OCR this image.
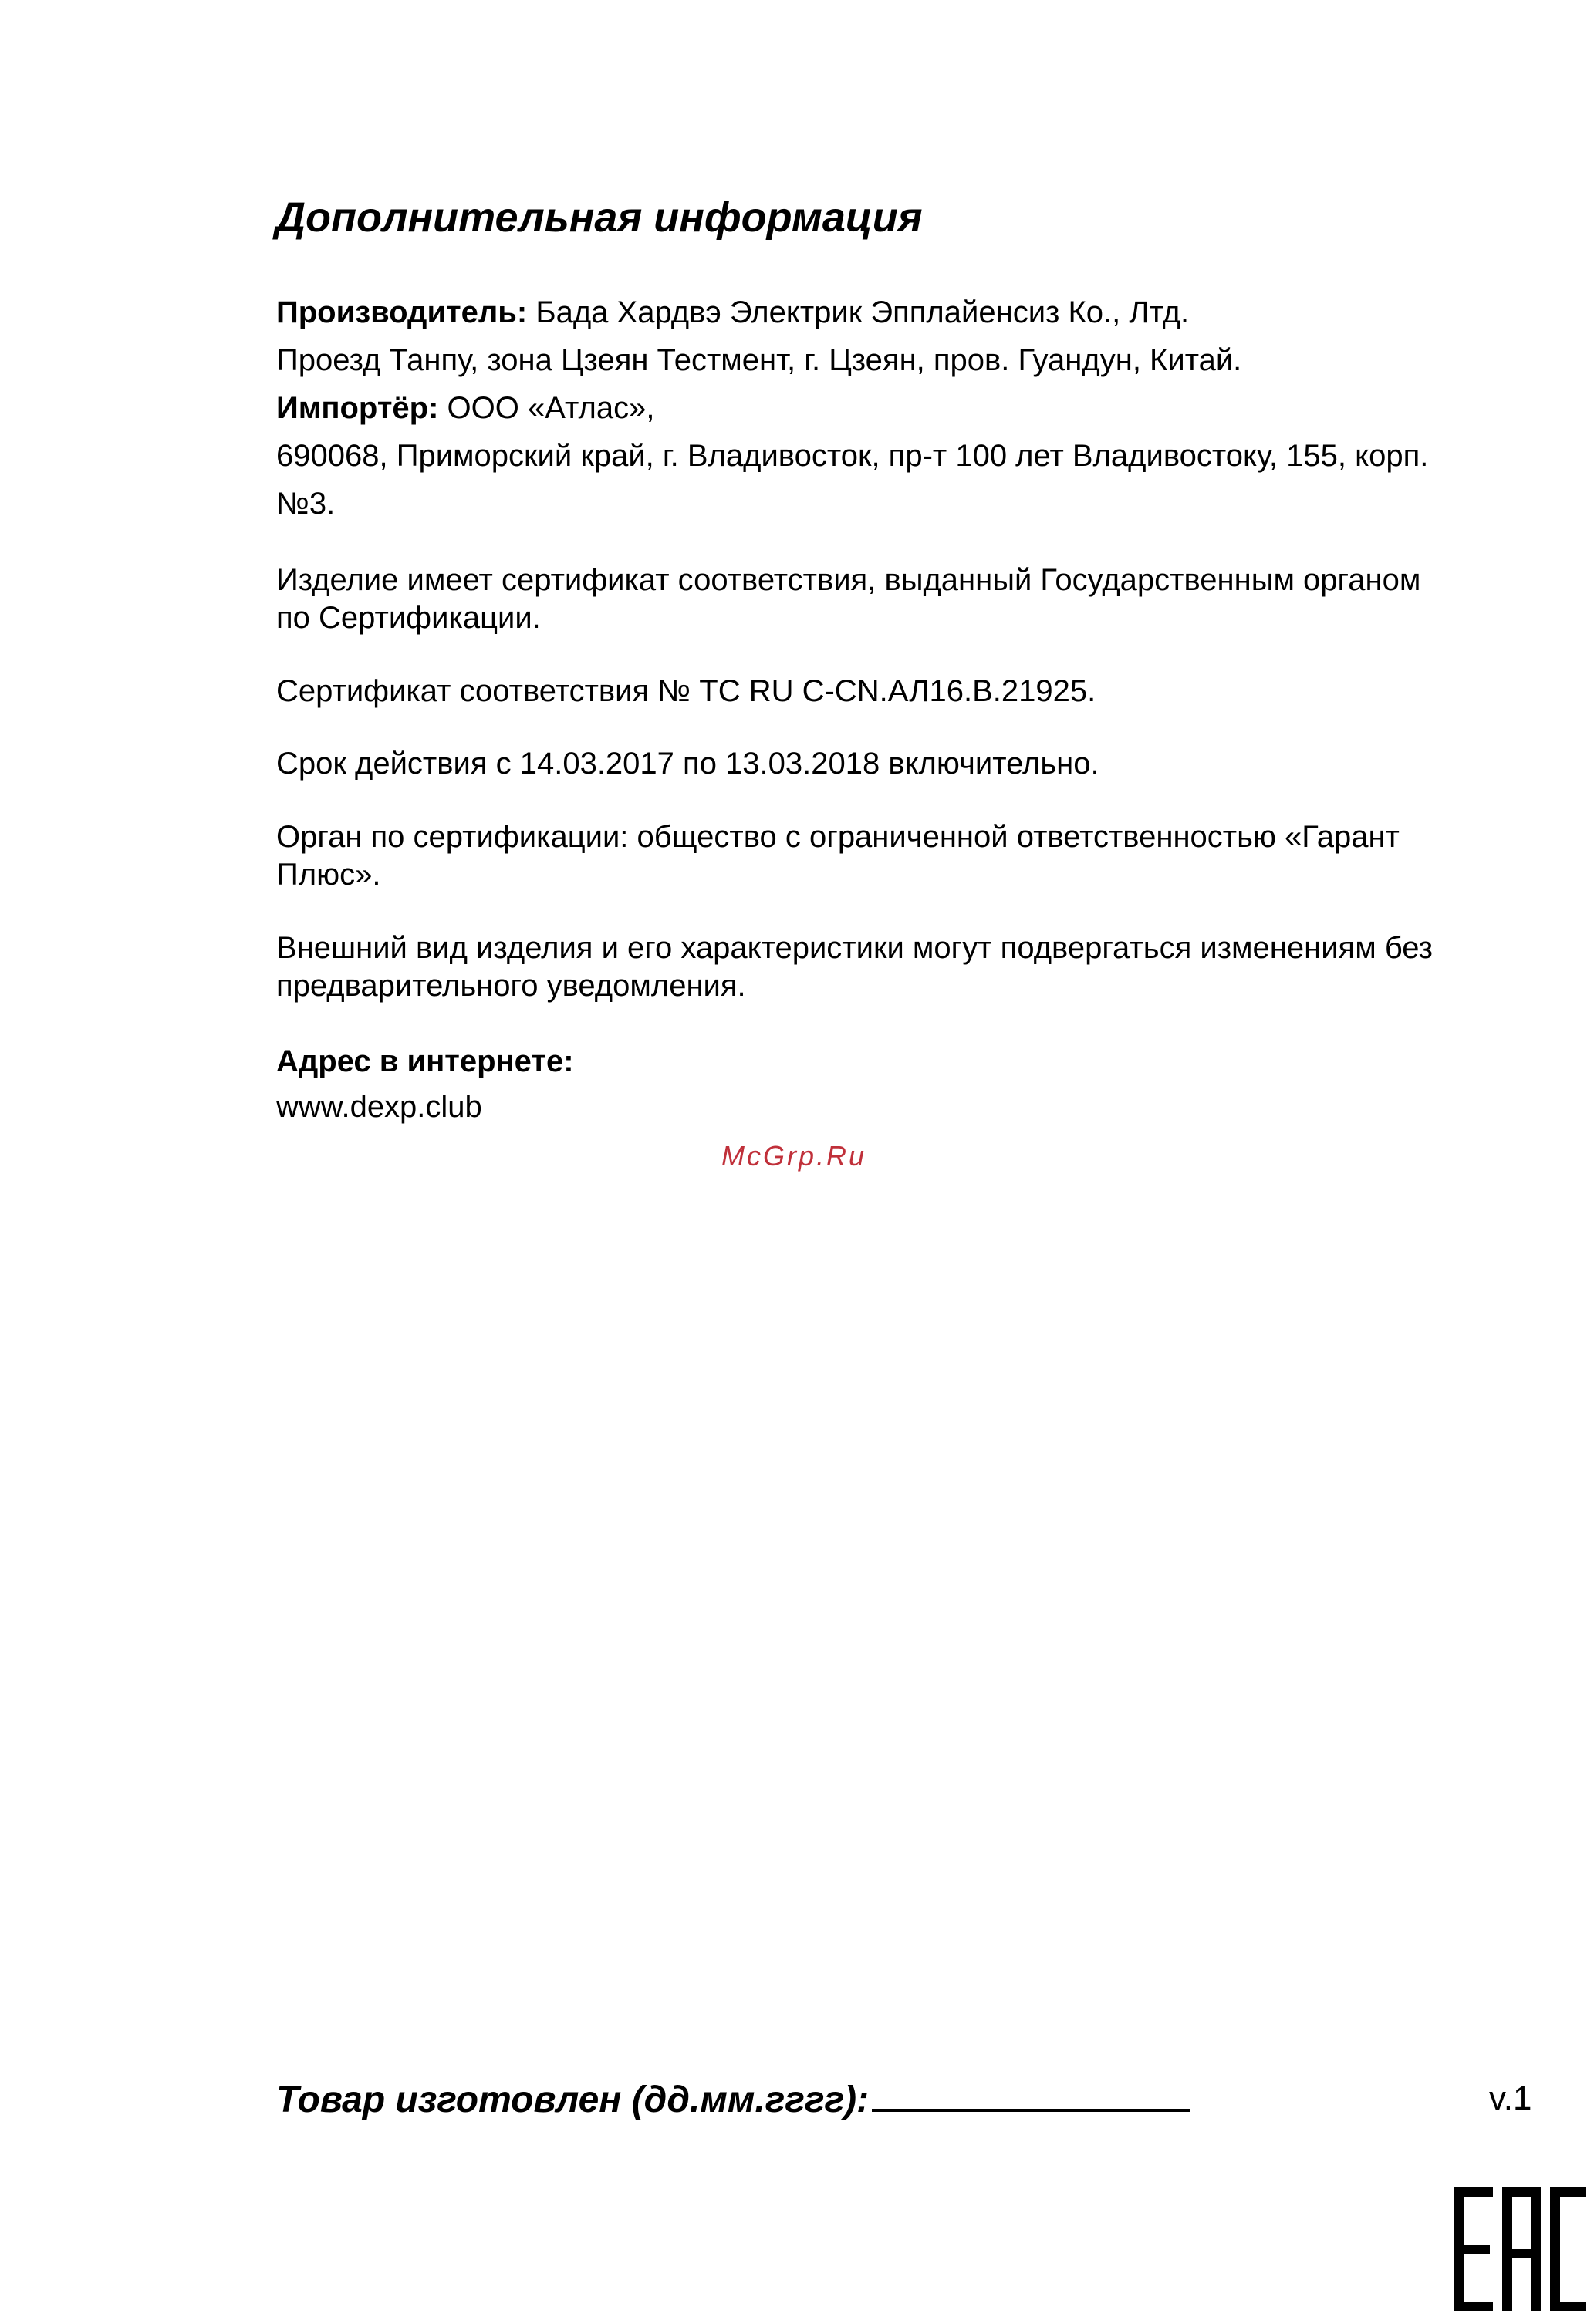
Дополнительная информация

Производитель: Бада Хардвэ Электрик Эпплайенсиз Ко., Лтд.

Проезд Танпу, зона Цзеян Тестмент, г. Цзеян, пров. Гуандун, Китай.

Импортёр: ООО «Атлас»,

690068, Приморский край, г. Владивосток, пр-т 100 лет Владивостоку, 155, корп.

№3.

Изделие имеет сертификат соответствия, выданный Государственным органом

по Сертификации.

Сертификат соответствия № TC RU C-CN.АЛ16.В.21925.

Срок действия с 14.03.2017 по 13.03.2018 включительно.

Орган по сертификации: общество с ограниченной ответственностью «Гарант

Плюс».

Внешний вид изделия и его характеристики могут подвергаться изменениям без

предварительного уведомления.

Адрес в интернете:

www.dexp.club

McGrp.Ru

Товар изготовлен (дд.мм.гггг):	v.1
